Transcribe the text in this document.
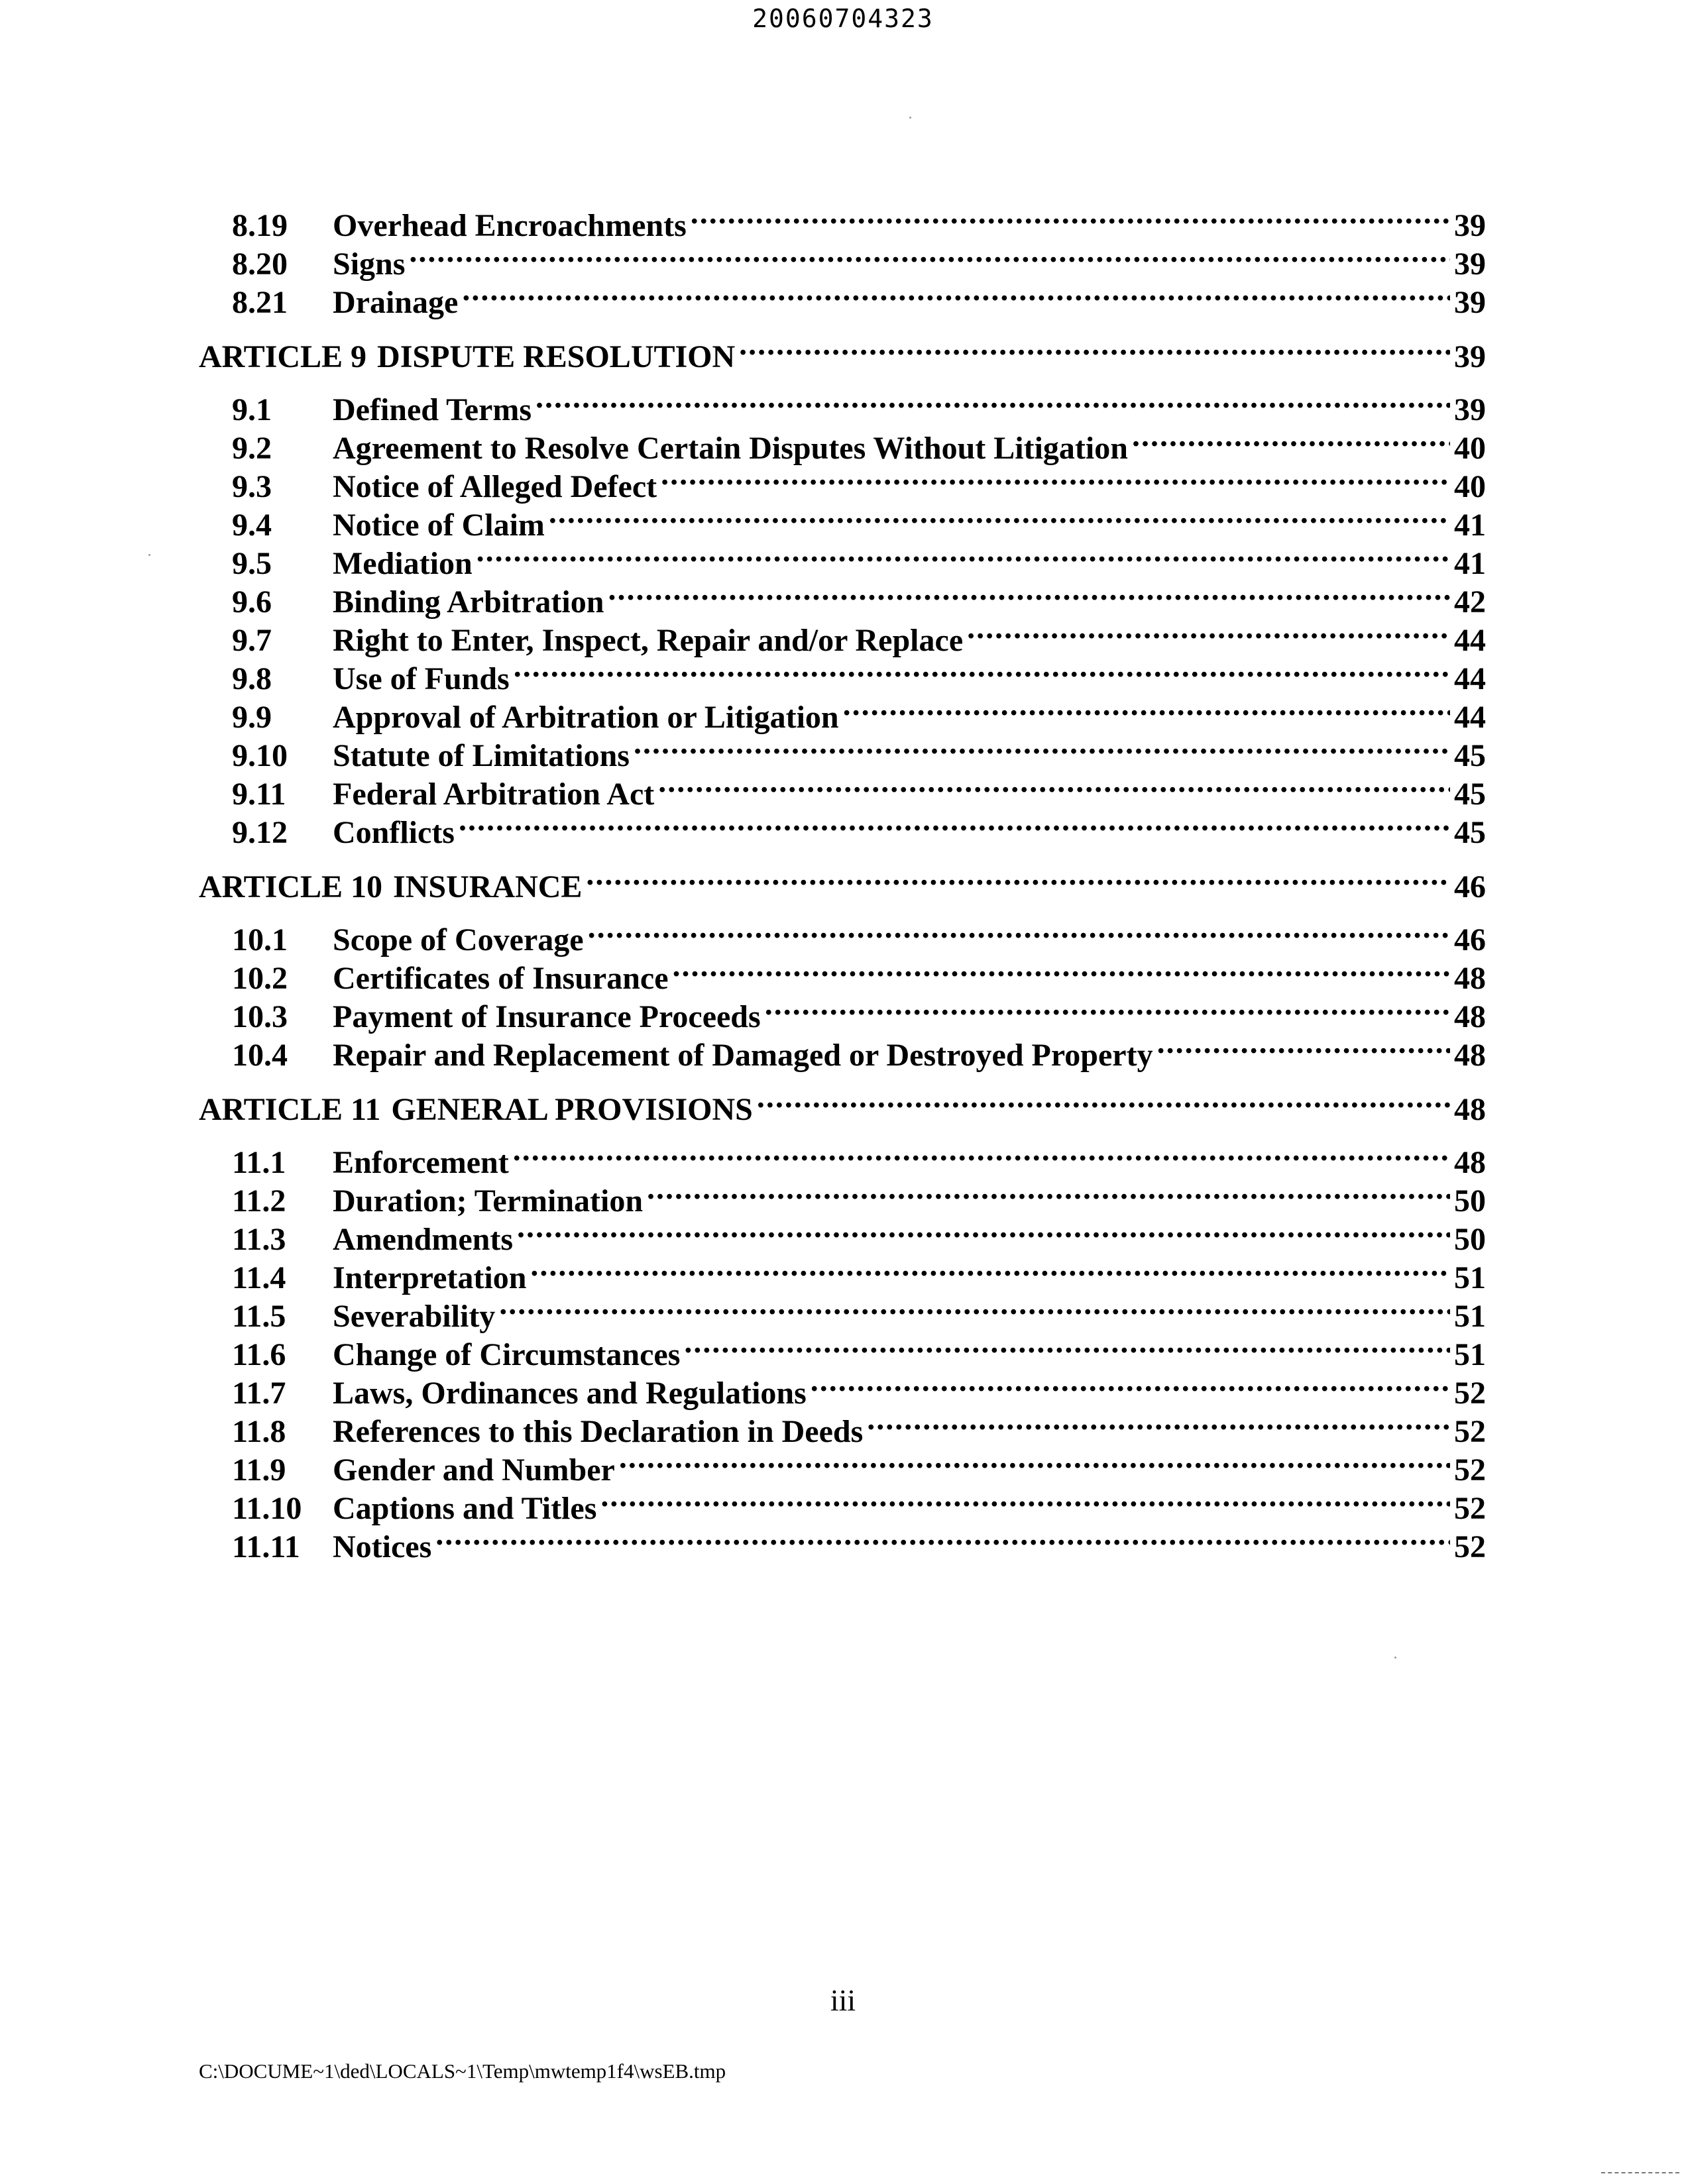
20060704323
8.19	Overhead Encroachments .....	39
8.20	Signs .....	39
8.21	Drainage .....	39
ARTICLE 9 DISPUTE RESOLUTION .....	39
9.1	Defined Terms .....	39
9.2	Agreement to Resolve Certain Disputes Without Litigation .....	40
9.3	Notice of Alleged Defect .....	40
9.4	Notice of Claim .....	41
9.5	Mediation .....	41
9.6	Binding Arbitration .....	42
9.7	Right to Enter, Inspect, Repair and/or Replace .....	44
9.8	Use of Funds .....	44
9.9	Approval of Arbitration or Litigation .....	44
9.10	Statute of Limitations .....	45
9.11	Federal Arbitration Act .....	45
9.12	Conflicts .....	45
ARTICLE 10 INSURANCE .....	46
10.1	Scope of Coverage .....	46
10.2	Certificates of Insurance .....	48
10.3	Payment of Insurance Proceeds .....	48
10.4	Repair and Replacement of Damaged or Destroyed Property .....	48
ARTICLE 11 GENERAL PROVISIONS .....	48
11.1	Enforcement .....	48
11.2	Duration; Termination .....	50
11.3	Amendments .....	50
11.4	Interpretation .....	51
11.5	Severability .....	51
11.6	Change of Circumstances .....	51
11.7	Laws, Ordinances and Regulations .....	52
11.8	References to this Declaration in Deeds .....	52
11.9	Gender and Number .....	52
11.10 Captions and Titles .....	52
11.11	Notices .....	52
iii
C:\DOCUME~1\ded\LOCALS~1\Temp\mwtemp1f4\wsEB.tmp
